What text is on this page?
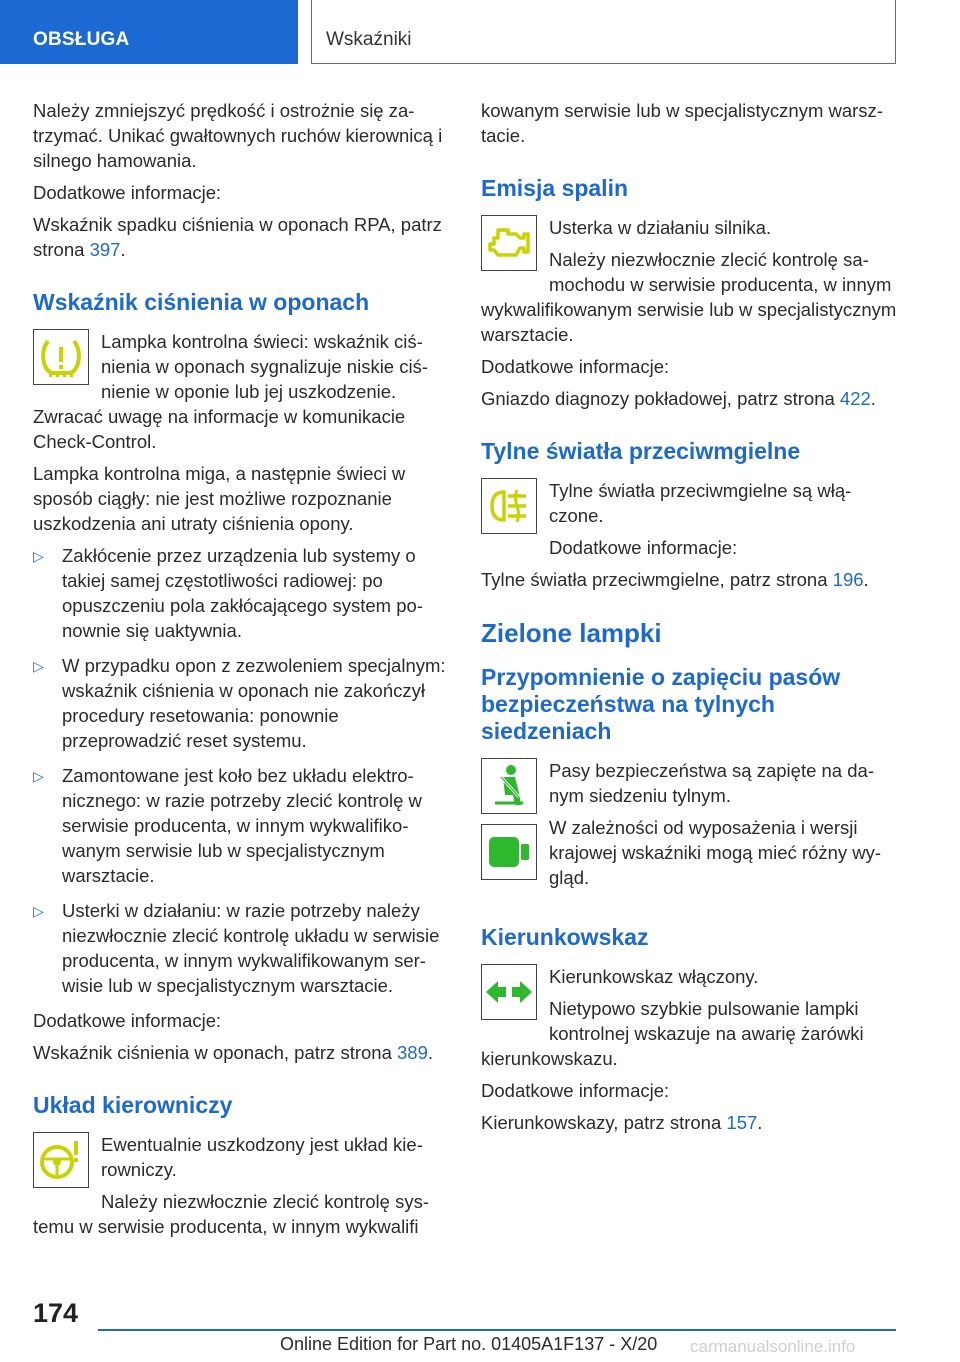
OBSŁUGA	Wskaźniki

Należy zmniejszyć prędkość i ostrożnie się zatrzymać. Unikać gwałtownych ruchów kierownicą i silnego hamowania.

Dodatkowe informacje:

Wskaźnik spadku ciśnienia w oponach RPA, patrz strona 397.

Wskaźnik ciśnienia w oponach

Lampka kontrolna świeci: wskaźnik ciśnienia w oponach sygnalizuje niskie ciśnienie w oponie lub jej uszkodzenie. Zwracać uwagę na informacje w komunikacie Check-Control.

Lampka kontrolna miga, a następnie świeci w sposób ciągły: nie jest możliwe rozpoznanie uszkodzenia ani utraty ciśnienia opony.

▷ Zakłócenie przez urządzenia lub systemy o takiej samej częstotliwości radiowej: po opuszczeniu pola zakłócającego system ponownie się uaktywnia.
▷ W przypadku opon z zezwoleniem specjalnym: wskaźnik ciśnienia w oponach nie zakończył procedury resetowania: ponownie przeprowadzić reset systemu.
▷ Zamontowane jest koło bez układu elektronicznego: w razie potrzeby zlecić kontrolę w serwisie producenta, w innym wykwalifikowanym serwisie lub w specjalistycznym warsztacie.
▷ Usterki w działaniu: w razie potrzeby należy niezwłocznie zlecić kontrolę układu w serwisie producenta, w innym wykwalifikowanym serwisie lub w specjalistycznym warsztacie.

Dodatkowe informacje:

Wskaźnik ciśnienia w oponach, patrz strona 389.

Układ kierowniczy

Ewentualnie uszkodzony jest układ kierowniczy.

Należy niezwłocznie zlecić kontrolę systemu w serwisie producenta, w innym wykwalifi

kowanym serwisie lub w specjalistycznym warsztacie.

Emisja spalin

Usterka w działaniu silnika.

Należy niezwłocznie zlecić kontrolę samochodu w serwisie producenta, w innym wykwalifikowanym serwisie lub w specjalistycznym warsztacie.

Dodatkowe informacje:

Gniazdo diagnozy pokładowej, patrz strona 422.

Tylne światła przeciwmgielne

Tylne światła przeciwmgielne są włączone.

Dodatkowe informacje:

Tylne światła przeciwmgielne, patrz strona 196.

Zielone lampki
Przypomnienie o zapięciu pasów bezpieczeństwa na tylnych siedzeniach

Pasy bezpieczeństwa są zapięte na danym siedzeniu tylnym.

W zależności od wyposażenia i wersji krajowej wskaźniki mogą mieć różny wygląd.

Kierunkowskaz

Kierunkowskaz włączony.

Nietypowo szybkie pulsowanie lampki kontrolnej wskazuje na awarię żarówki kierunkowskazu.

Dodatkowe informacje:

Kierunkowskazy, patrz strona 157.

174
Online Edition for Part no. 01405A1F137 - X/20 carmanualsonline.info
